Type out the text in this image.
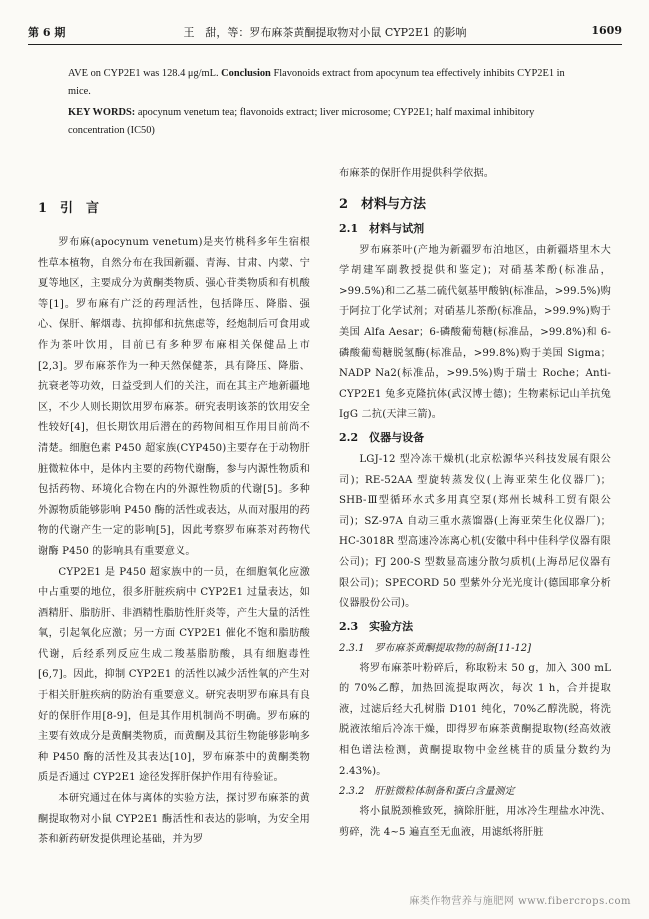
第 6 期	王　甜，等：罗布麻茶黄酮提取物对小鼠 CYP2E1 的影响	1609

AVE on CYP2E1 was 128.4 μg/mL. Conclusion Flavonoids extract from apocynum tea effectively inhibits CYP2E1 in mice.

KEY WORDS: apocynum venetum tea; flavonoids extract; liver microsome; CYP2E1; half maximal inhibitory concentration (IC50)

1　引　言

罗布麻(apocynum venetum)是夹竹桃科多年生宿根性草本植物，自然分布在我国新疆、青海、甘肃、内蒙、宁夏等地区，主要成分为黄酮类物质、强心苷类物质和有机酸等[1]。罗布麻有广泛的药理活性，包括降压、降脂、强心、保肝、解烟毒、抗抑郁和抗焦虑等，经炮制后可食用或作为茶叶饮用，目前已有多种罗布麻相关保健品上市[2,3]。罗布麻茶作为一种天然保健茶，具有降压、降脂、抗衰老等功效，日益受到人们的关注，而在其主产地新疆地区，不少人则长期饮用罗布麻茶。研究表明该茶的饮用安全性较好[4]，但长期饮用后潜在的药物间相互作用目前尚不清楚。细胞色素 P450 超家族(CYP450)主要存在于动物肝脏微粒体中，是体内主要的药物代谢酶，参与内源性物质和包括药物、环境化合物在内的外源性物质的代谢[5]。多种外源物质能够影响 P450 酶的活性或表达，从而对服用的药物的代谢产生一定的影响[5]，因此考察罗布麻茶对药物代谢酶 P450 的影响具有重要意义。

CYP2E1 是 P450 超家族中的一员，在细胞氧化应激中占重要的地位，很多肝脏疾病中 CYP2E1 过量表达，如酒精肝、脂肪肝、非酒精性脂肪性肝炎等，产生大量的活性氧，引起氧化应激；另一方面 CYP2E1 催化不饱和脂肪酸代谢，后经系列反应生成二羧基脂肪酸，具有细胞毒性[6,7]。因此，抑制 CYP2E1 的活性以减少活性氧的产生对于相关肝脏疾病的防治有重要意义。研究表明罗布麻具有良好的保肝作用[8-9]，但是其作用机制尚不明确。罗布麻的主要有效成分是黄酮类物质，而黄酮及其衍生物能够影响多种 P450 酶的活性及其表达[10]，罗布麻茶中的黄酮类物质是否通过 CYP2E1 途径发挥肝保护作用有待验证。

本研究通过在体与离体的实验方法，探讨罗布麻茶的黄酮提取物对小鼠 CYP2E1 酶活性和表达的影响，为安全用茶和新药研发提供理论基础，并为罗

布麻茶的保肝作用提供科学依据。

2　材料与方法
2.1　材料与试剂

罗布麻茶叶(产地为新疆罗布泊地区，由新疆塔里木大学胡建军副教授提供和鉴定)；对硝基苯酚(标准品，>99.5%)和二乙基二硫代氨基甲酸钠(标准品，>99.5%)购于阿拉丁化学试剂；对硝基儿茶酚(标准品，>99.9%)购于美国 Alfa Aesar；6-磷酸葡萄糖(标准品，>99.8%)和 6-磷酸葡萄糖脱氢酶(标准品，>99.8%)购于美国 Sigma；NADP Na2(标准品，>99.5%)购于瑞士 Roche；Anti-CYP2E1 兔多克隆抗体(武汉博士德)；生物素标记山羊抗兔 IgG 二抗(天津三箭)。

2.2　仪器与设备

LGJ-12 型冷冻干燥机(北京松源华兴科技发展有限公司)；RE-52AA 型旋转蒸发仪(上海亚荣生化仪器厂)；SHB-Ⅲ型循环水式多用真空泵(郑州长城科工贸有限公司)；SZ-97A 自动三重水蒸馏器(上海亚荣生化仪器厂)；HC-3018R 型高速冷冻离心机(安徽中科中佳科学仪器有限公司)；FJ 200-S 型数显高速分散匀质机(上海昂尼仪器有限公司)；SPECORD 50 型紫外分光光度计(德国耶拿分析仪器股份公司)。

2.3　实验方法
2.3.1　罗布麻茶黄酮提取物的制备[11-12]

将罗布麻茶叶粉碎后，称取粉末 50 g，加入 300 mL 的 70%乙醇，加热回流提取两次，每次 1 h，合并提取液，过滤后经大孔树脂 D101 纯化，70%乙醇洗脱，将洗脱液浓缩后冷冻干燥，即得罗布麻茶黄酮提取物(经高效液相色谱法检测，黄酮提取物中金丝桃苷的质量分数约为 2.43%)。

2.3.2　肝脏微粒体制备和蛋白含量测定

将小鼠脱颈椎致死，摘除肝脏，用冰冷生理盐水冲洗、剪碎，洗 4~5 遍直至无血液，用滤纸将肝脏

麻类作物营养与施肥网 www.fibercrops.com
